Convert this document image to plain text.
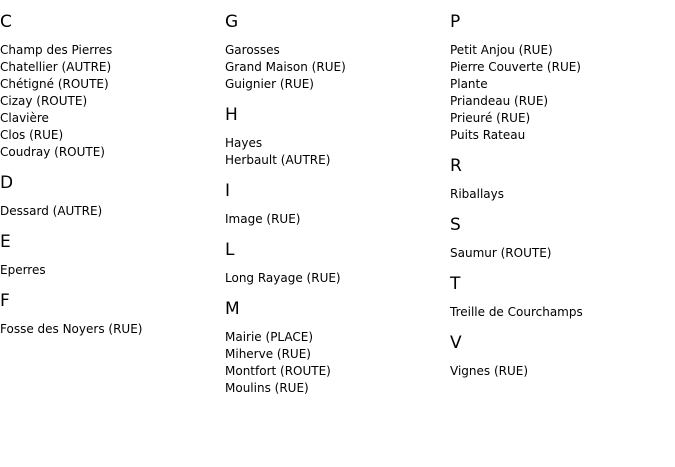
C
Champ des Pierres
Chatellier (AUTRE)
Chétigné (ROUTE)
Cizay (ROUTE)
Clavière
Clos (RUE)
Coudray (ROUTE)
D
Dessard (AUTRE)
E
Eperres
F
Fosse des Noyers (RUE)
G
Garosses
Grand Maison (RUE)
Guignier (RUE)
H
Hayes
Herbault (AUTRE)
I
Image (RUE)
L
Long Rayage (RUE)
M
Mairie (PLACE)
Miherve (RUE)
Montfort (ROUTE)
Moulins (RUE)
P
Petit Anjou (RUE)
Pierre Couverte (RUE)
Plante
Priandeau (RUE)
Prieuré (RUE)
Puits Rateau
R
Riballays
S
Saumur (ROUTE)
T
Treille de Courchamps
V
Vignes (RUE)
